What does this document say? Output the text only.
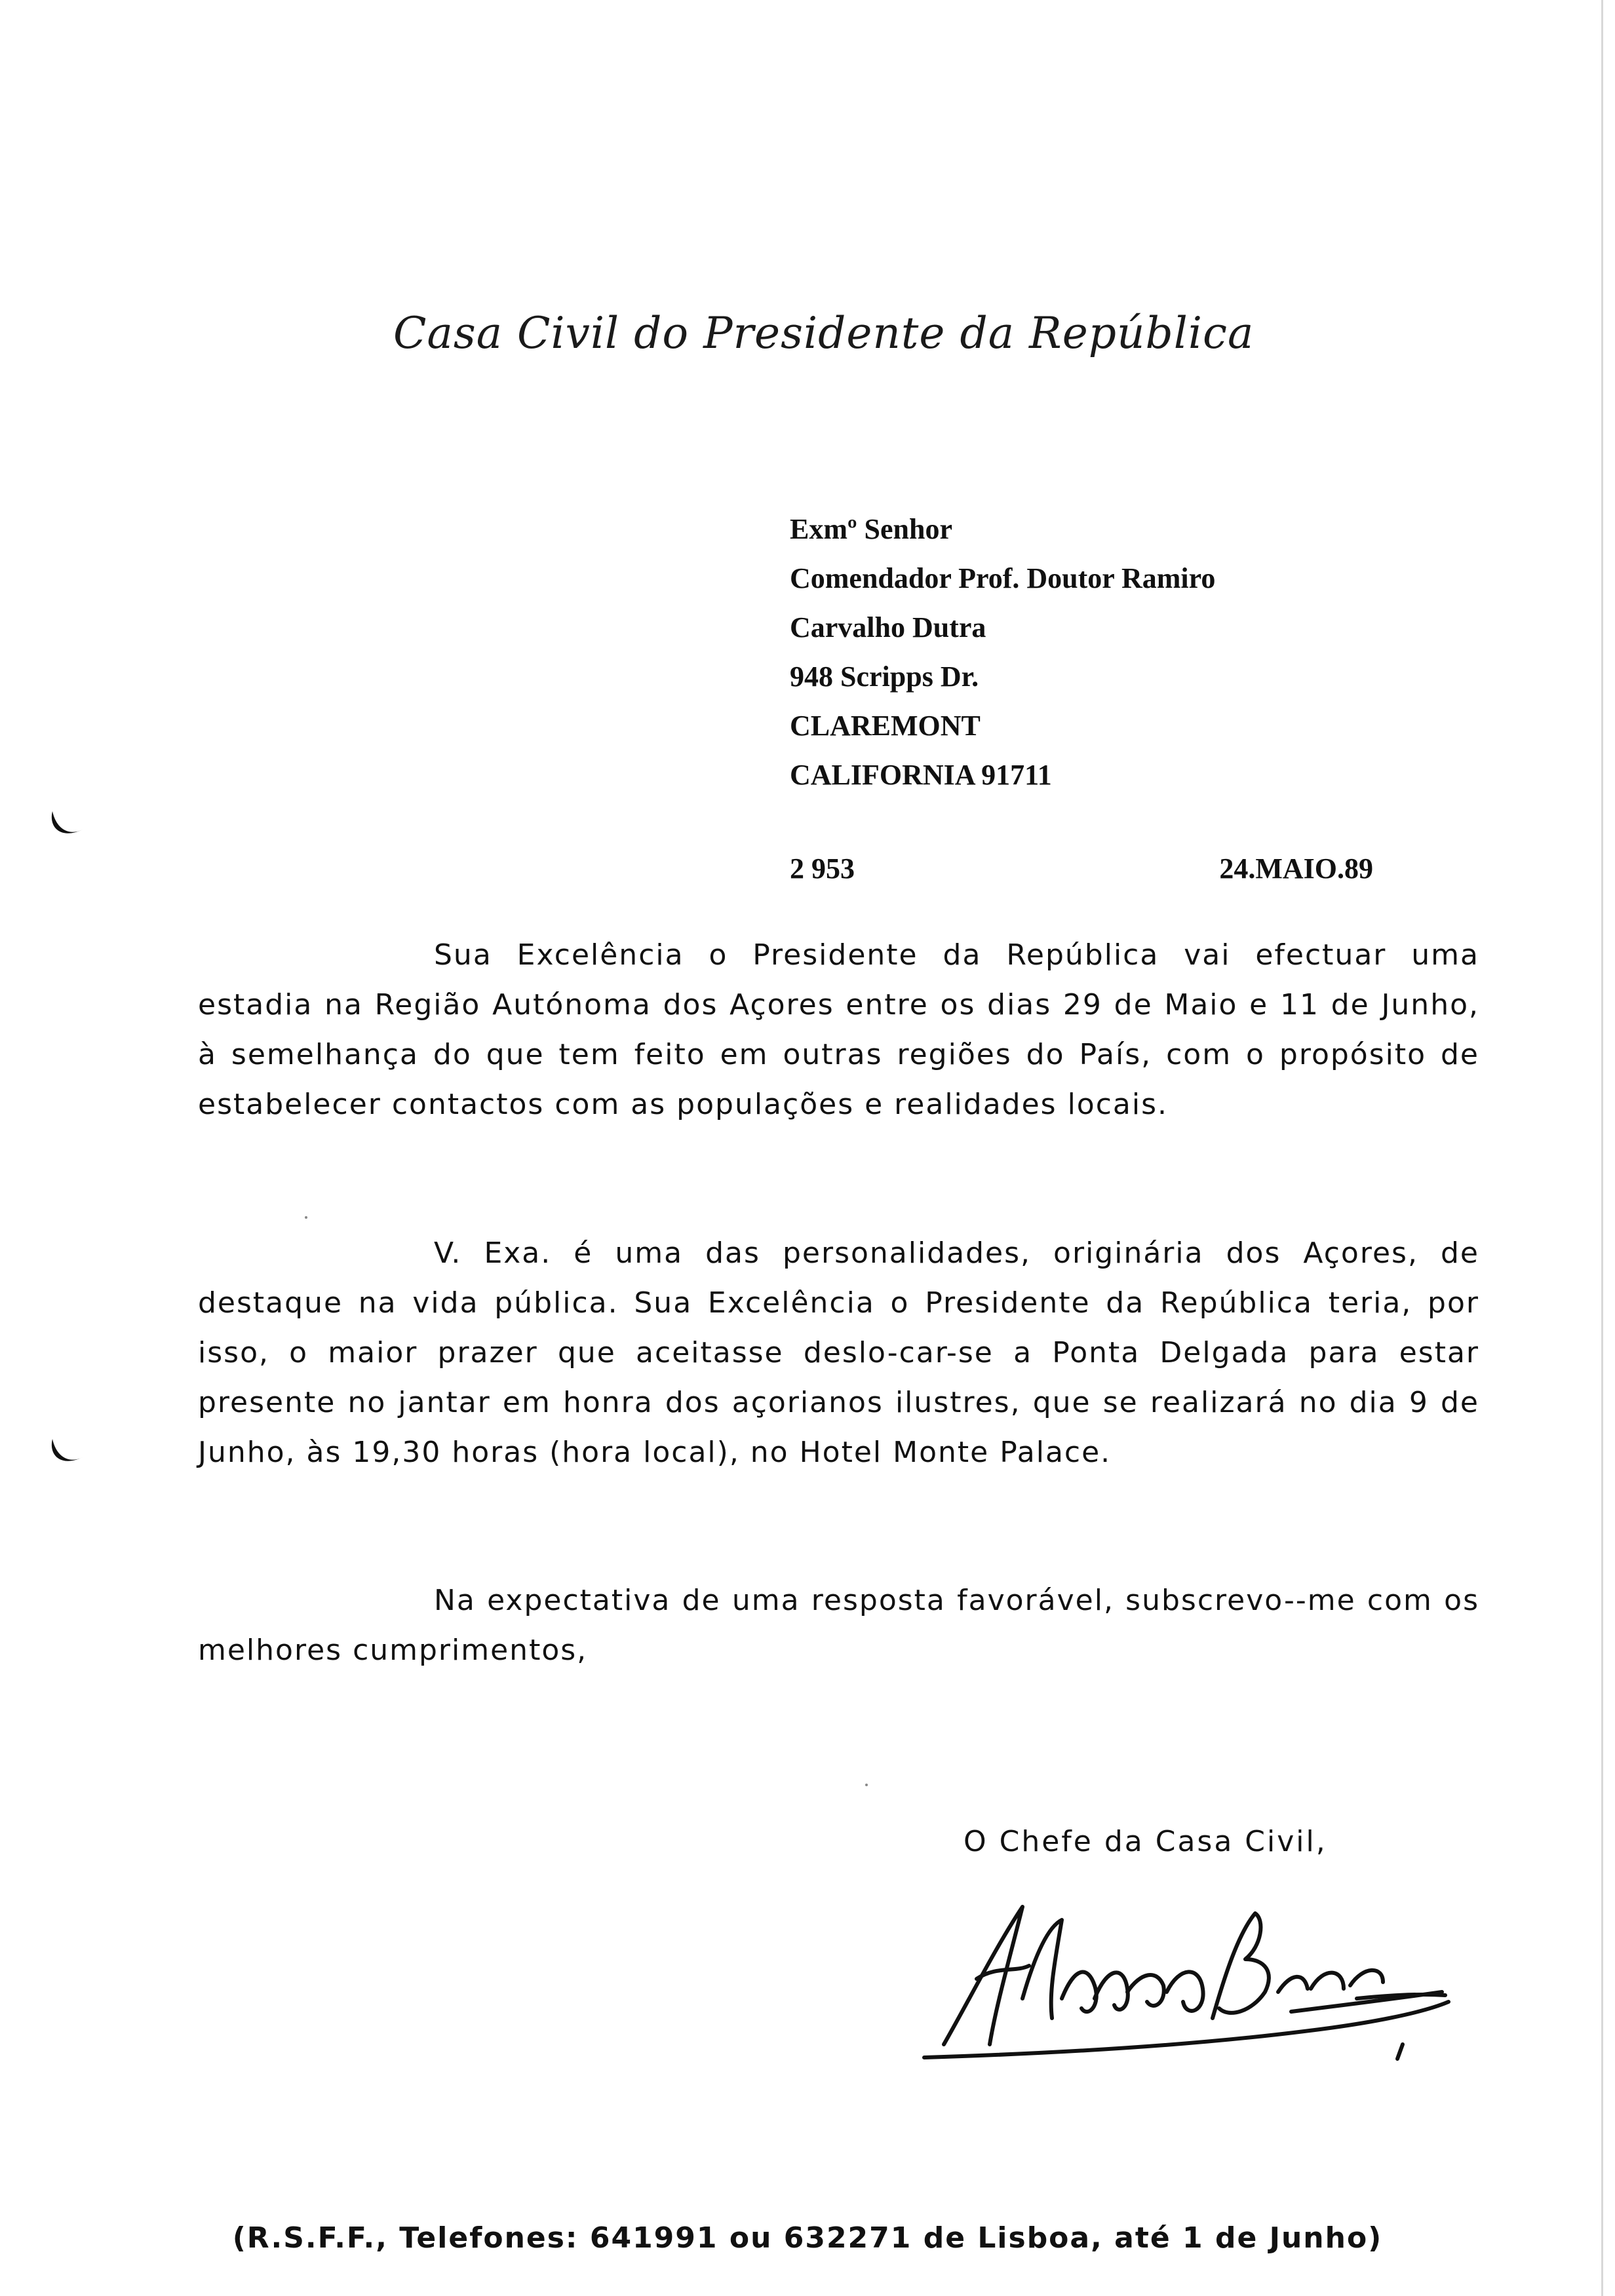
Casa Civil do Presidente da República
Exmº Senhor
Comendador Prof. Doutor Ramiro
Carvalho Dutra
948 Scripps Dr.
CLAREMONT
CALIFORNIA 91711
2 953	24.MAIO.89

Sua Excelência o Presidente da República vai efectuar uma estadia na Região Autónoma dos Açores entre os dias 29 de Maio e 11 de Junho, à semelhança do que tem feito em outras regiões do País, com o propósito de estabelecer contactos com as populações e realidades locais.

V. Exa. é uma das personalidades, originária dos Açores, de destaque na vida pública. Sua Excelência o Presidente da República teria, por isso, o maior prazer que aceitasse deslo-car-se a Ponta Delgada para estar presente no jantar em honra dos açorianos ilustres, que se realizará no dia 9 de Junho, às 19,30 horas (hora local), no Hotel Monte Palace.

Na expectativa de uma resposta favorável, subscrevo--me com os melhores cumprimentos,

O Chefe da Casa Civil,
(R.S.F.F., Telefones: 641991 ou 632271 de Lisboa, até 1 de Junho)
